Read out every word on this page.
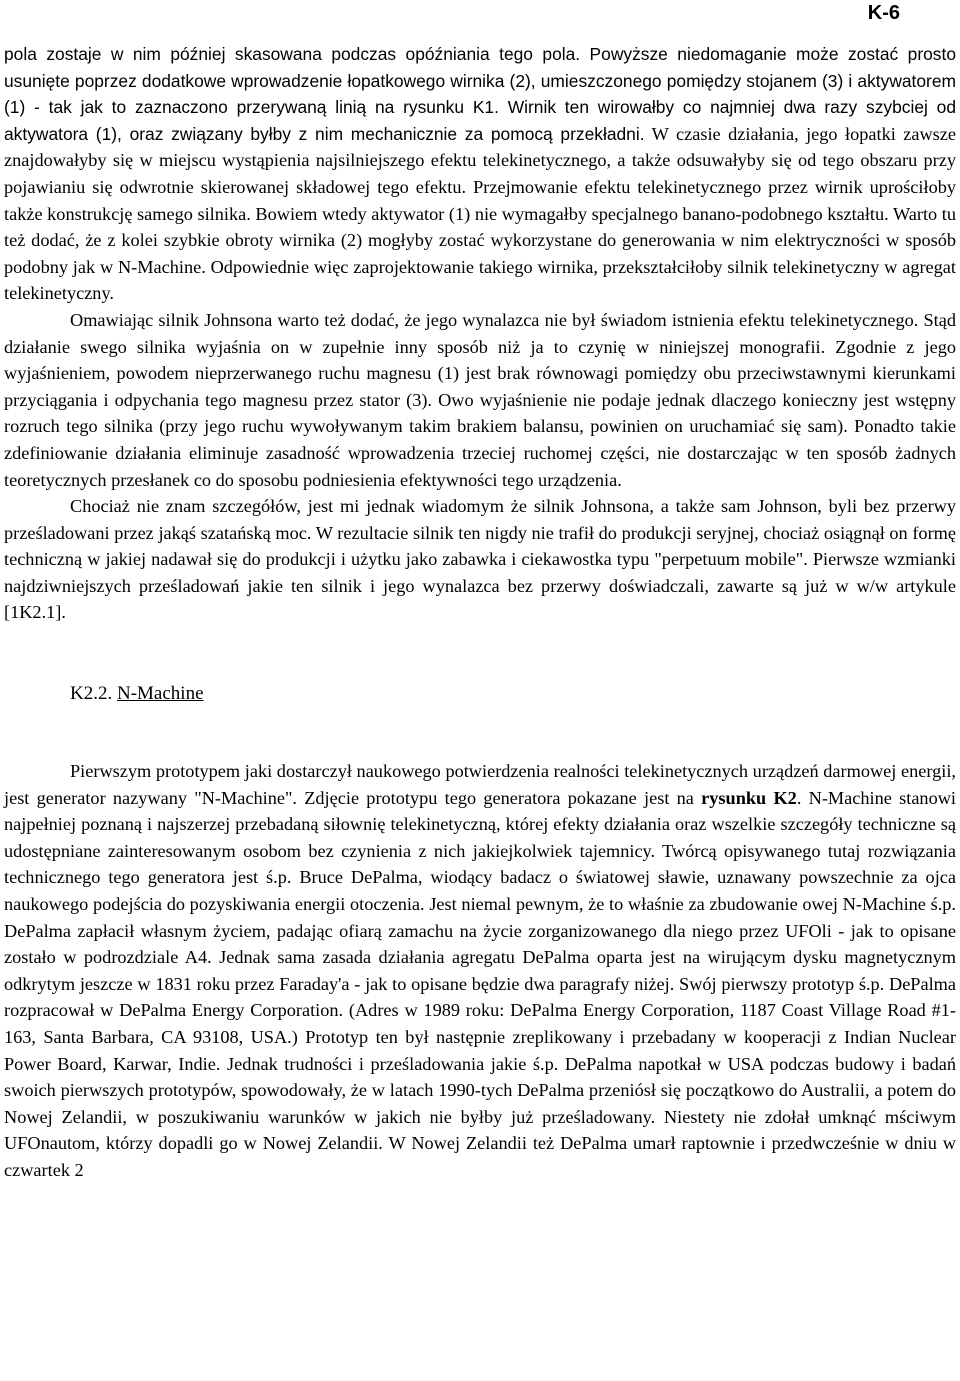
K-6

pola zostaje w nim później skasowana podczas opóźniania tego pola. Powyższe niedomaganie może zostać prosto usunięte poprzez dodatkowe wprowadzenie łopatkowego wirnika (2), umieszczonego pomiędzy stojanem (3) i aktywatorem (1) - tak jak to zaznaczono przerywaną linią na rysunku K1. Wirnik ten wirowałby co najmniej dwa razy szybciej od aktywatora (1), oraz związany byłby z nim mechanicznie za pomocą przekładni. W czasie działania, jego łopatki zawsze znajdowałyby się w miejscu wystąpienia najsilniejszego efektu telekinetycznego, a także odsuwałyby się od tego obszaru przy pojawianiu się odwrotnie skierowanej składowej tego efektu. Przejmowanie efektu telekinetycznego przez wirnik uprościłoby także konstrukcję samego silnika. Bowiem wtedy aktywator (1) nie wymagałby specjalnego banano-podobnego kształtu. Warto tu też dodać, że z kolei szybkie obroty wirnika (2) mogłyby zostać wykorzystane do generowania w nim elektryczności w sposób podobny jak w N-Machine. Odpowiednie więc zaprojektowanie takiego wirnika, przekształciłoby silnik telekinetyczny w agregat telekinetyczny.

Omawiając silnik Johnsona warto też dodać, że jego wynalazca nie był świadom istnienia efektu telekinetycznego. Stąd działanie swego silnika wyjaśnia on w zupełnie inny sposób niż ja to czynię w niniejszej monografii. Zgodnie z jego wyjaśnieniem, powodem nieprzerwanego ruchu magnesu (1) jest brak równowagi pomiędzy obu przeciwstawnymi kierunkami przyciągania i odpychania tego magnesu przez stator (3). Owo wyjaśnienie nie podaje jednak dlaczego konieczny jest wstępny rozruch tego silnika (przy jego ruchu wywoływanym takim brakiem balansu, powinien on uruchamiać się sam). Ponadto takie zdefiniowanie działania eliminuje zasadność wprowadzenia trzeciej ruchomej części, nie dostarczając w ten sposób żadnych teoretycznych przesłanek co do sposobu podniesienia efektywności tego urządzenia.

Chociaż nie znam szczegółów, jest mi jednak wiadomym że silnik Johnsona, a także sam Johnson, byli bez przerwy prześladowani przez jakąś szatańską moc. W rezultacie silnik ten nigdy nie trafił do produkcji seryjnej, chociaż osiągnął on formę techniczną w jakiej nadawał się do produkcji i użytku jako zabawka i ciekawostka typu "perpetuum mobile". Pierwsze wzmianki najdziwniejszych prześladowań jakie ten silnik i jego wynalazca bez przerwy doświadczali, zawarte są już w w/w artykule [1K2.1].

K2.2. N-Machine

Pierwszym prototypem jaki dostarczył naukowego potwierdzenia realności telekinetycznych urządzeń darmowej energii, jest generator nazywany "N-Machine". Zdjęcie prototypu tego generatora pokazane jest na rysunku K2. N-Machine stanowi najpełniej poznaną i najszerzej przebadaną siłownię telekinetyczną, której efekty działania oraz wszelkie szczegóły techniczne są udostępniane zainteresowanym osobom bez czynienia z nich jakiejkolwiek tajemnicy. Twórcą opisywanego tutaj rozwiązania technicznego tego generatora jest ś.p. Bruce DePalma, wiodący badacz o światowej sławie, uznawany powszechnie za ojca naukowego podejścia do pozyskiwania energii otoczenia. Jest niemal pewnym, że to właśnie za zbudowanie owej N-Machine ś.p. DePalma zapłacił własnym życiem, padając ofiarą zamachu na życie zorganizowanego dla niego przez UFOli - jak to opisane zostało w podrozdziale A4. Jednak sama zasada działania agregatu DePalma oparta jest na wirującym dysku magnetycznym odkrytym jeszcze w 1831 roku przez Faraday'a - jak to opisane będzie dwa paragrafy niżej. Swój pierwszy prototyp ś.p. DePalma rozpracował w DePalma Energy Corporation. (Adres w 1989 roku: DePalma Energy Corporation, 1187 Coast Village Road #1-163, Santa Barbara, CA 93108, USA.) Prototyp ten był następnie zreplikowany i przebadany w kooperacji z Indian Nuclear Power Board, Karwar, Indie. Jednak trudności i prześladowania jakie ś.p. DePalma napotkał w USA podczas budowy i badań swoich pierwszych prototypów, spowodowały, że w latach 1990-tych DePalma przeniósł się początkowo do Australii, a potem do Nowej Zelandii, w poszukiwaniu warunków w jakich nie byłby już prześladowany. Niestety nie zdołał umknąć mściwym UFOnautom, którzy dopadli go w Nowej Zelandii. W Nowej Zelandii też DePalma umarł raptownie i przedwcześnie w dniu w czwartek 2
